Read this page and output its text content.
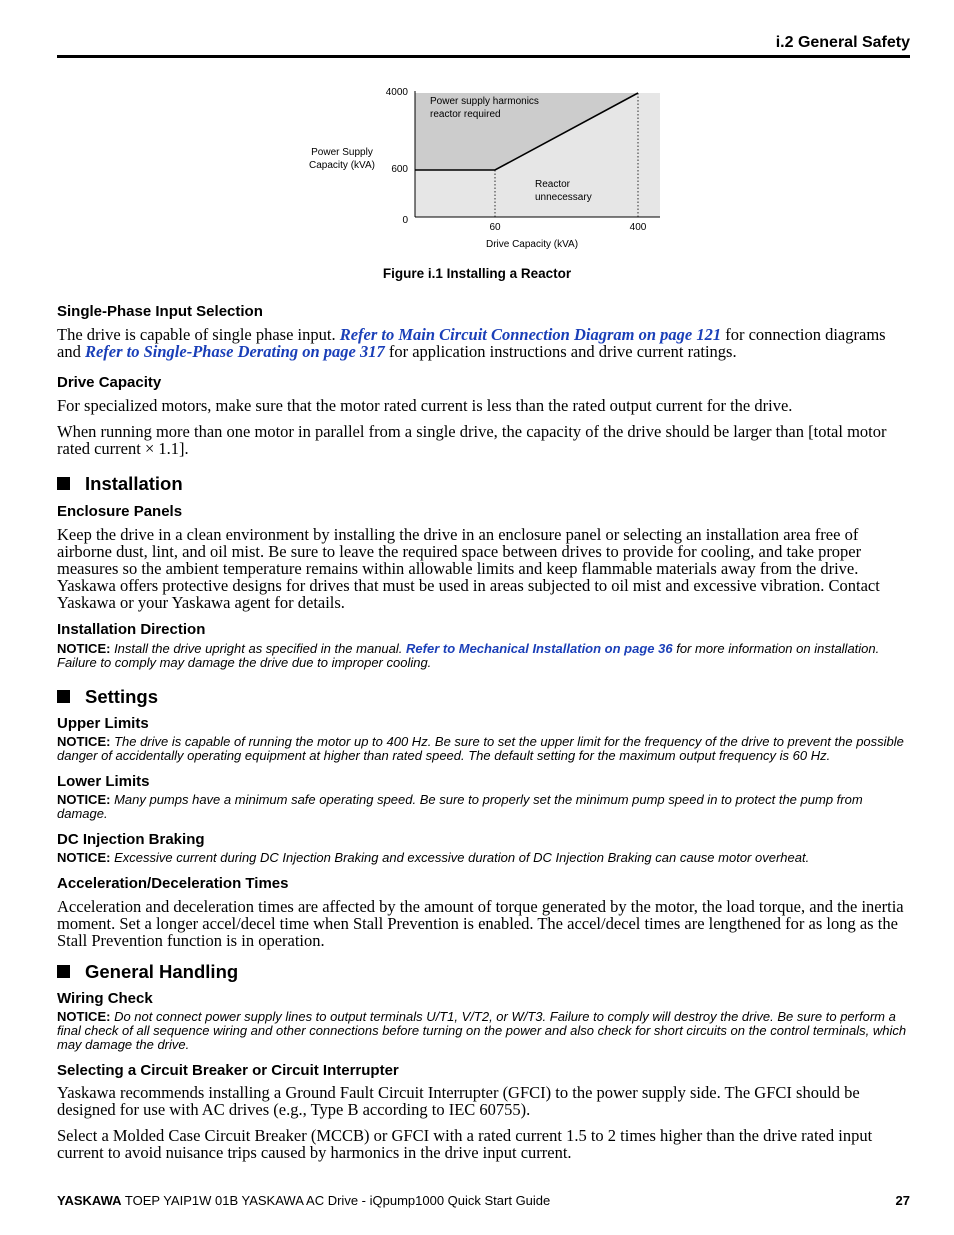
i.2 General Safety
4000
600
0
60	400
Power Supply
Capacity (kVA)
Drive Capacity (kVA)
Power supply harmonics
reactor required
Reactor
unnecessary
Figure i.1 Installing a Reactor

Single-Phase Input Selection

The drive is capable of single phase input. Refer to Main Circuit Connection Diagram on page 121 for connection diagrams and Refer to Single-Phase Derating on page 317 for application instructions and drive current ratings.

Drive Capacity

For specialized motors, make sure that the motor rated current is less than the rated output current for the drive.

When running more than one motor in parallel from a single drive, the capacity of the drive should be larger than [total motor rated current × 1.1].

Installation

Enclosure Panels

Keep the drive in a clean environment by installing the drive in an enclosure panel or selecting an installation area free of airborne dust, lint, and oil mist. Be sure to leave the required space between drives to provide for cooling, and take proper measures so the ambient temperature remains within allowable limits and keep flammable materials away from the drive. Yaskawa offers protective designs for drives that must be used in areas subjected to oil mist and excessive vibration. Contact Yaskawa or your Yaskawa agent for details.

Installation Direction

NOTICE: Install the drive upright as specified in the manual. Refer to Mechanical Installation on page 36 for more information on installation. Failure to comply may damage the drive due to improper cooling.

Settings

Upper Limits

NOTICE: The drive is capable of running the motor up to 400 Hz. Be sure to set the upper limit for the frequency of the drive to prevent the possible danger of accidentally operating equipment at higher than rated speed. The default setting for the maximum output frequency is 60 Hz.

Lower Limits

NOTICE: Many pumps have a minimum safe operating speed. Be sure to properly set the minimum pump speed in to protect the pump from damage.

DC Injection Braking

NOTICE: Excessive current during DC Injection Braking and excessive duration of DC Injection Braking can cause motor overheat.

Acceleration/Deceleration Times

Acceleration and deceleration times are affected by the amount of torque generated by the motor, the load torque, and the inertia moment. Set a longer accel/decel time when Stall Prevention is enabled. The accel/decel times are lengthened for as long as the Stall Prevention function is in operation.

General Handling

Wiring Check

NOTICE: Do not connect power supply lines to output terminals U/T1, V/T2, or W/T3. Failure to comply will destroy the drive. Be sure to perform a final check of all sequence wiring and other connections before turning on the power and also check for short circuits on the control terminals, which may damage the drive.

Selecting a Circuit Breaker or Circuit Interrupter

Yaskawa recommends installing a Ground Fault Circuit Interrupter (GFCI) to the power supply side. The GFCI should be designed for use with AC drives (e.g., Type B according to IEC 60755).

Select a Molded Case Circuit Breaker (MCCB) or GFCI with a rated current 1.5 to 2 times higher than the drive rated input current to avoid nuisance trips caused by harmonics in the drive input current.

YASKAWA TOEP YAIP1W 01B YASKAWA AC Drive - iQpump1000 Quick Start Guide	27
